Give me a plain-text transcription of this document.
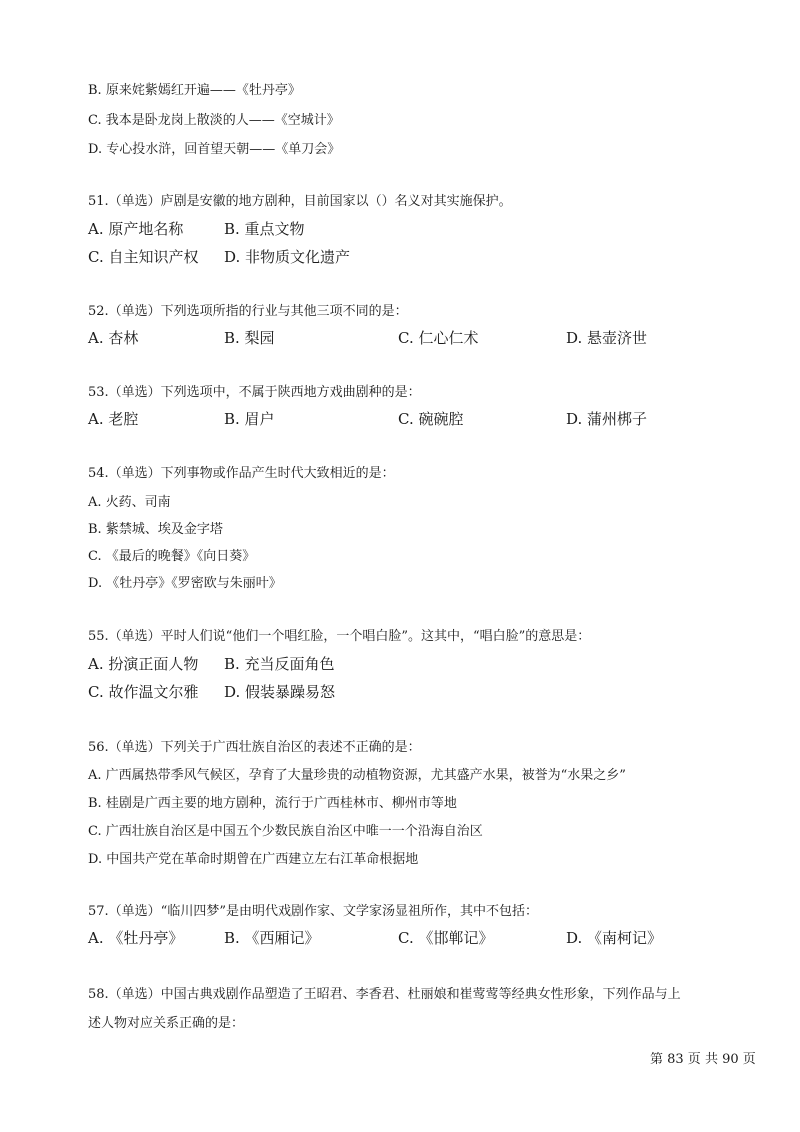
B. 原来姹紫嫣红开遍——《牡丹亭》
C. 我本是卧龙岗上散淡的人——《空城计》
D. 专心投水浒，回首望天朝——《单刀会》
51.（单选）庐剧是安徽的地方剧种，目前国家以（）名义对其实施保护。
A. 原产地名称	B. 重点文物
C. 自主知识产权 D. 非物质文化遗产
52.（单选）下列选项所指的行业与其他三项不同的是：
A. 杏林	B. 梨园	C. 仁心仁术	D. 悬壶济世
53.（单选）下列选项中，不属于陕西地方戏曲剧种的是：
A. 老腔	B. 眉户	C. 碗碗腔	D. 蒲州梆子
54.（单选）下列事物或作品产生时代大致相近的是：
A. 火药、司南
B. 紫禁城、埃及金字塔
C. 《最后的晚餐》《向日葵》
D. 《牡丹亭》《罗密欧与朱丽叶》
55.（单选）平时人们说“他们一个唱红脸，一个唱白脸”。这其中，“唱白脸”的意思是：
A. 扮演正面人物 B. 充当反面角色
C. 故作温文尔雅 D. 假装暴躁易怒
56.（单选）下列关于广西壮族自治区的表述不正确的是：
A. 广西属热带季风气候区，孕育了大量珍贵的动植物资源，尤其盛产水果，被誉为“水果之乡”
B. 桂剧是广西主要的地方剧种，流行于广西桂林市、柳州市等地
C. 广西壮族自治区是中国五个少数民族自治区中唯一一个沿海自治区
D. 中国共产党在革命时期曾在广西建立左右江革命根据地
57.（单选）“临川四梦”是由明代戏剧作家、文学家汤显祖所作，其中不包括：
A. 《牡丹亭》	B. 《西厢记》	C. 《邯郸记》	D. 《南柯记》
58.（单选）中国古典戏剧作品塑造了王昭君、李香君、杜丽娘和崔莺莺等经典女性形象，下列作品与上
述人物对应关系正确的是：
第 83 页 共 90 页
